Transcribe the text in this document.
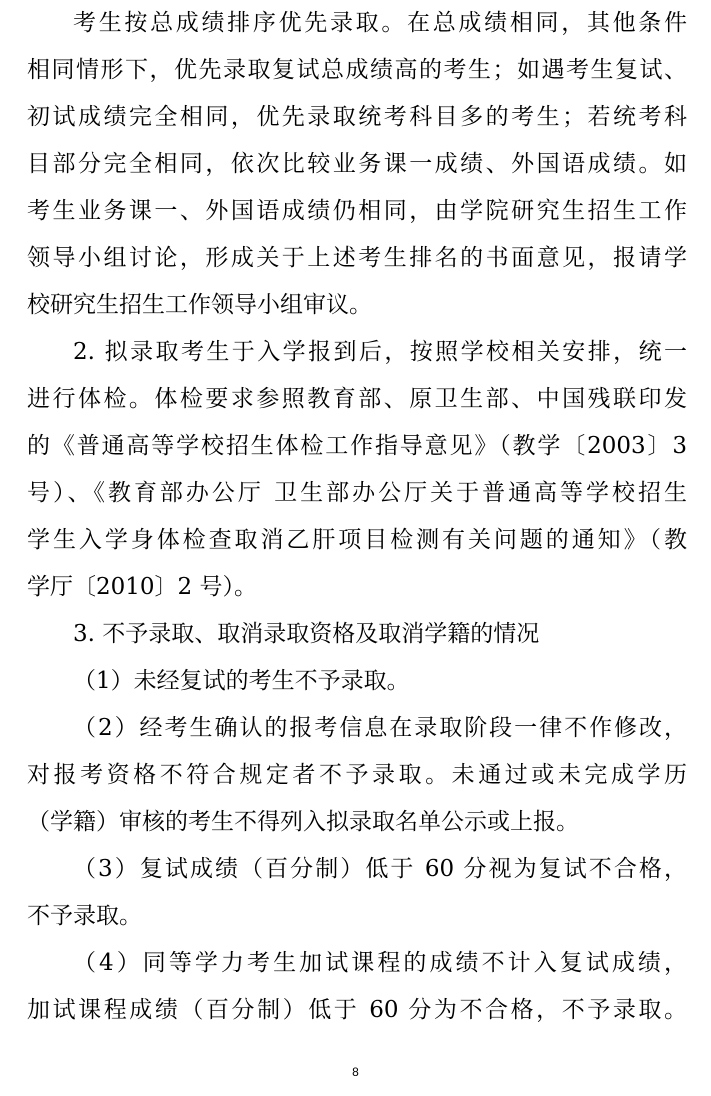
考生按总成绩排序优先录取。在总成绩相同，其他条件
相同情形下，优先录取复试总成绩高的考生；如遇考生复试、
初试成绩完全相同，优先录取统考科目多的考生；若统考科
目部分完全相同，依次比较业务课一成绩、外国语成绩。如
考生业务课一、外国语成绩仍相同，由学院研究生招生工作
领导小组讨论，形成关于上述考生排名的书面意见，报请学
校研究生招生工作领导小组审议。
2. 拟录取考生于入学报到后，按照学校相关安排，统一
进行体检。体检要求参照教育部、原卫生部、中国残联印发
的《普通高等学校招生体检工作指导意见》（教学〔2003〕3
号）、《教育部办公厅 卫生部办公厅关于普通高等学校招生
学生入学身体检查取消乙肝项目检测有关问题的通知》（教
学厅〔2010〕2 号）。
3. 不予录取、取消录取资格及取消学籍的情况
（1）未经复试的考生不予录取。
（2）经考生确认的报考信息在录取阶段一律不作修改，
对报考资格不符合规定者不予录取。未通过或未完成学历
（学籍）审核的考生不得列入拟录取名单公示或上报。
（3）复试成绩（百分制）低于 60 分视为复试不合格，
不予录取。
（4）同等学力考生加试课程的成绩不计入复试成绩，
加试课程成绩（百分制）低于 60 分为不合格，不予录取。
8
